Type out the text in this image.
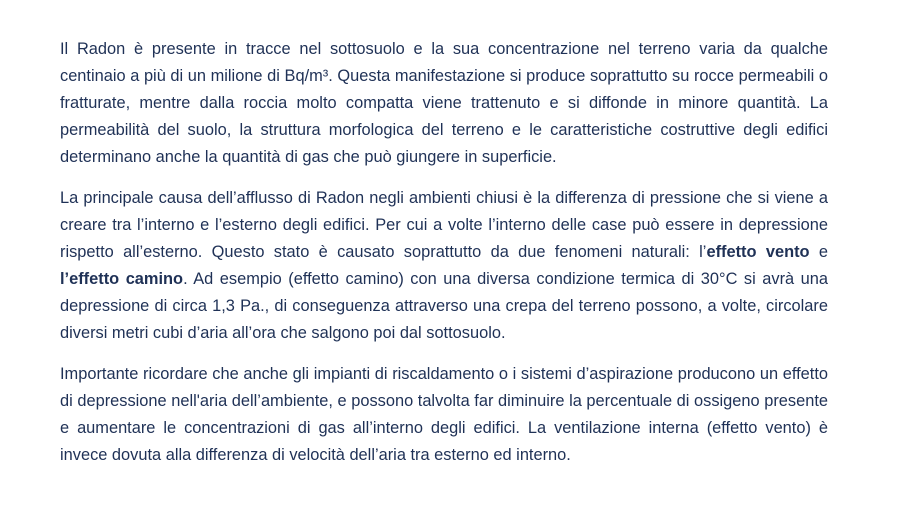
Il Radon è presente in tracce nel sottosuolo e la sua concentrazione nel terreno varia da qualche centinaio a più di un milione di Bq/m³. Questa manifestazione si produce soprattutto su rocce permeabili o fratturate, mentre dalla roccia molto compatta viene trattenuto e si diffonde in minore quantità. La permeabilità del suolo, la struttura morfologica del terreno e le caratteristiche costruttive degli edifici determinano anche la quantità di gas che può giungere in superficie.

La principale causa dell’afflusso di Radon negli ambienti chiusi è la differenza di pressione che si viene a creare tra l’interno e l’esterno degli edifici. Per cui a volte l’interno delle case può essere in depressione rispetto all’esterno. Questo stato è causato soprattutto da due fenomeni naturali: l’effetto vento e l’effetto camino. Ad esempio (effetto camino) con una diversa condizione termica di 30°C si avrà una depressione di circa 1,3 Pa., di conseguenza attraverso una crepa del terreno possono, a volte, circolare diversi metri cubi d’aria all’ora che salgono poi dal sottosuolo.

Importante ricordare che anche gli impianti di riscaldamento o i sistemi d’aspirazione producono un effetto di depressione nell'aria dell’ambiente, e possono talvolta far diminuire la percentuale di ossigeno presente e aumentare le concentrazioni di gas all’interno degli edifici. La ventilazione interna (effetto vento) è invece dovuta alla differenza di velocità dell’aria tra esterno ed interno.
